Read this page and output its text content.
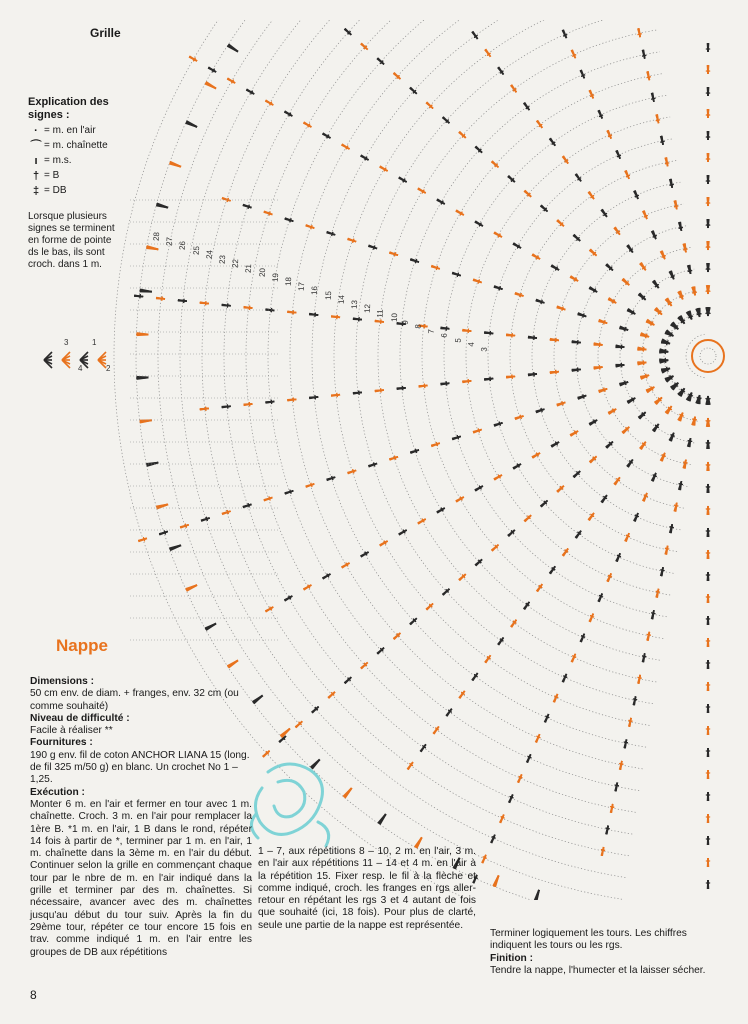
Grille
Explication des signes :
· = m. en l'air
⌒ = m. chaînette
ı = m.s.
† = B
‡ = DB
Lorsque plusieurs signes se terminent en forme de pointe ds le bas, ils sont croch. dans 1 m.
Nappe
Dimensions :
50 cm env. de diam. + franges, env. 32 cm (ou comme souhaité)
Niveau de difficulté :
Facile à réaliser **
Fournitures :
190 g env. fil de coton ANCHOR LIANA 15 (long. de fil 325 m/50 g) en blanc. Un crochet No 1 – 1,25.
Exécution :
Monter 6 m. en l'air et fermer en tour avec 1 m. chaînette. Croch. 3 m. en l'air pour remplacer la 1ère B. *1 m. en l'air, 1 B dans le rond, répéter 14 fois à partir de *, terminer par 1 m. en l'air, 1 m. chaînette dans la 3ème m. en l'air du début. Continuer selon la grille en commençant chaque tour par le nbre de m. en l'air indiqué dans la grille et terminer par des m. chaînettes. Si nécessaire, avancer avec des m. chaînettes jusqu'au début du tour suiv. Après la fin du 29ème tour, répéter ce tour encore 15 fois en trav. comme indiqué 1 m. en l'air entre les groupes de DB aux répétitions
1 – 7, aux répétitions 8 – 10, 2 m. en l'air, 3 m. en l'air aux répétitions 11 – 14 et 4 m. en l'air à la répétition 15. Fixer resp. le fil à la flèche et comme indiqué, croch. les franges en rgs aller-retour en répétant les rgs 3 et 4 autant de fois que souhaité (ici, 18 fois). Pour plus de clarté, seule une partie de la nappe est représentée.
Terminer logiquement les tours. Les chiffres indiquent les tours ou les rgs.
Finition :
Tendre la nappe, l'humecter et la laisser sécher.
8
28 27 26 25 24 23 22 21 20 19 18 17 16 15 14 13 12 11 10 9
8
7
6
5
4
3
3
4
1
2
